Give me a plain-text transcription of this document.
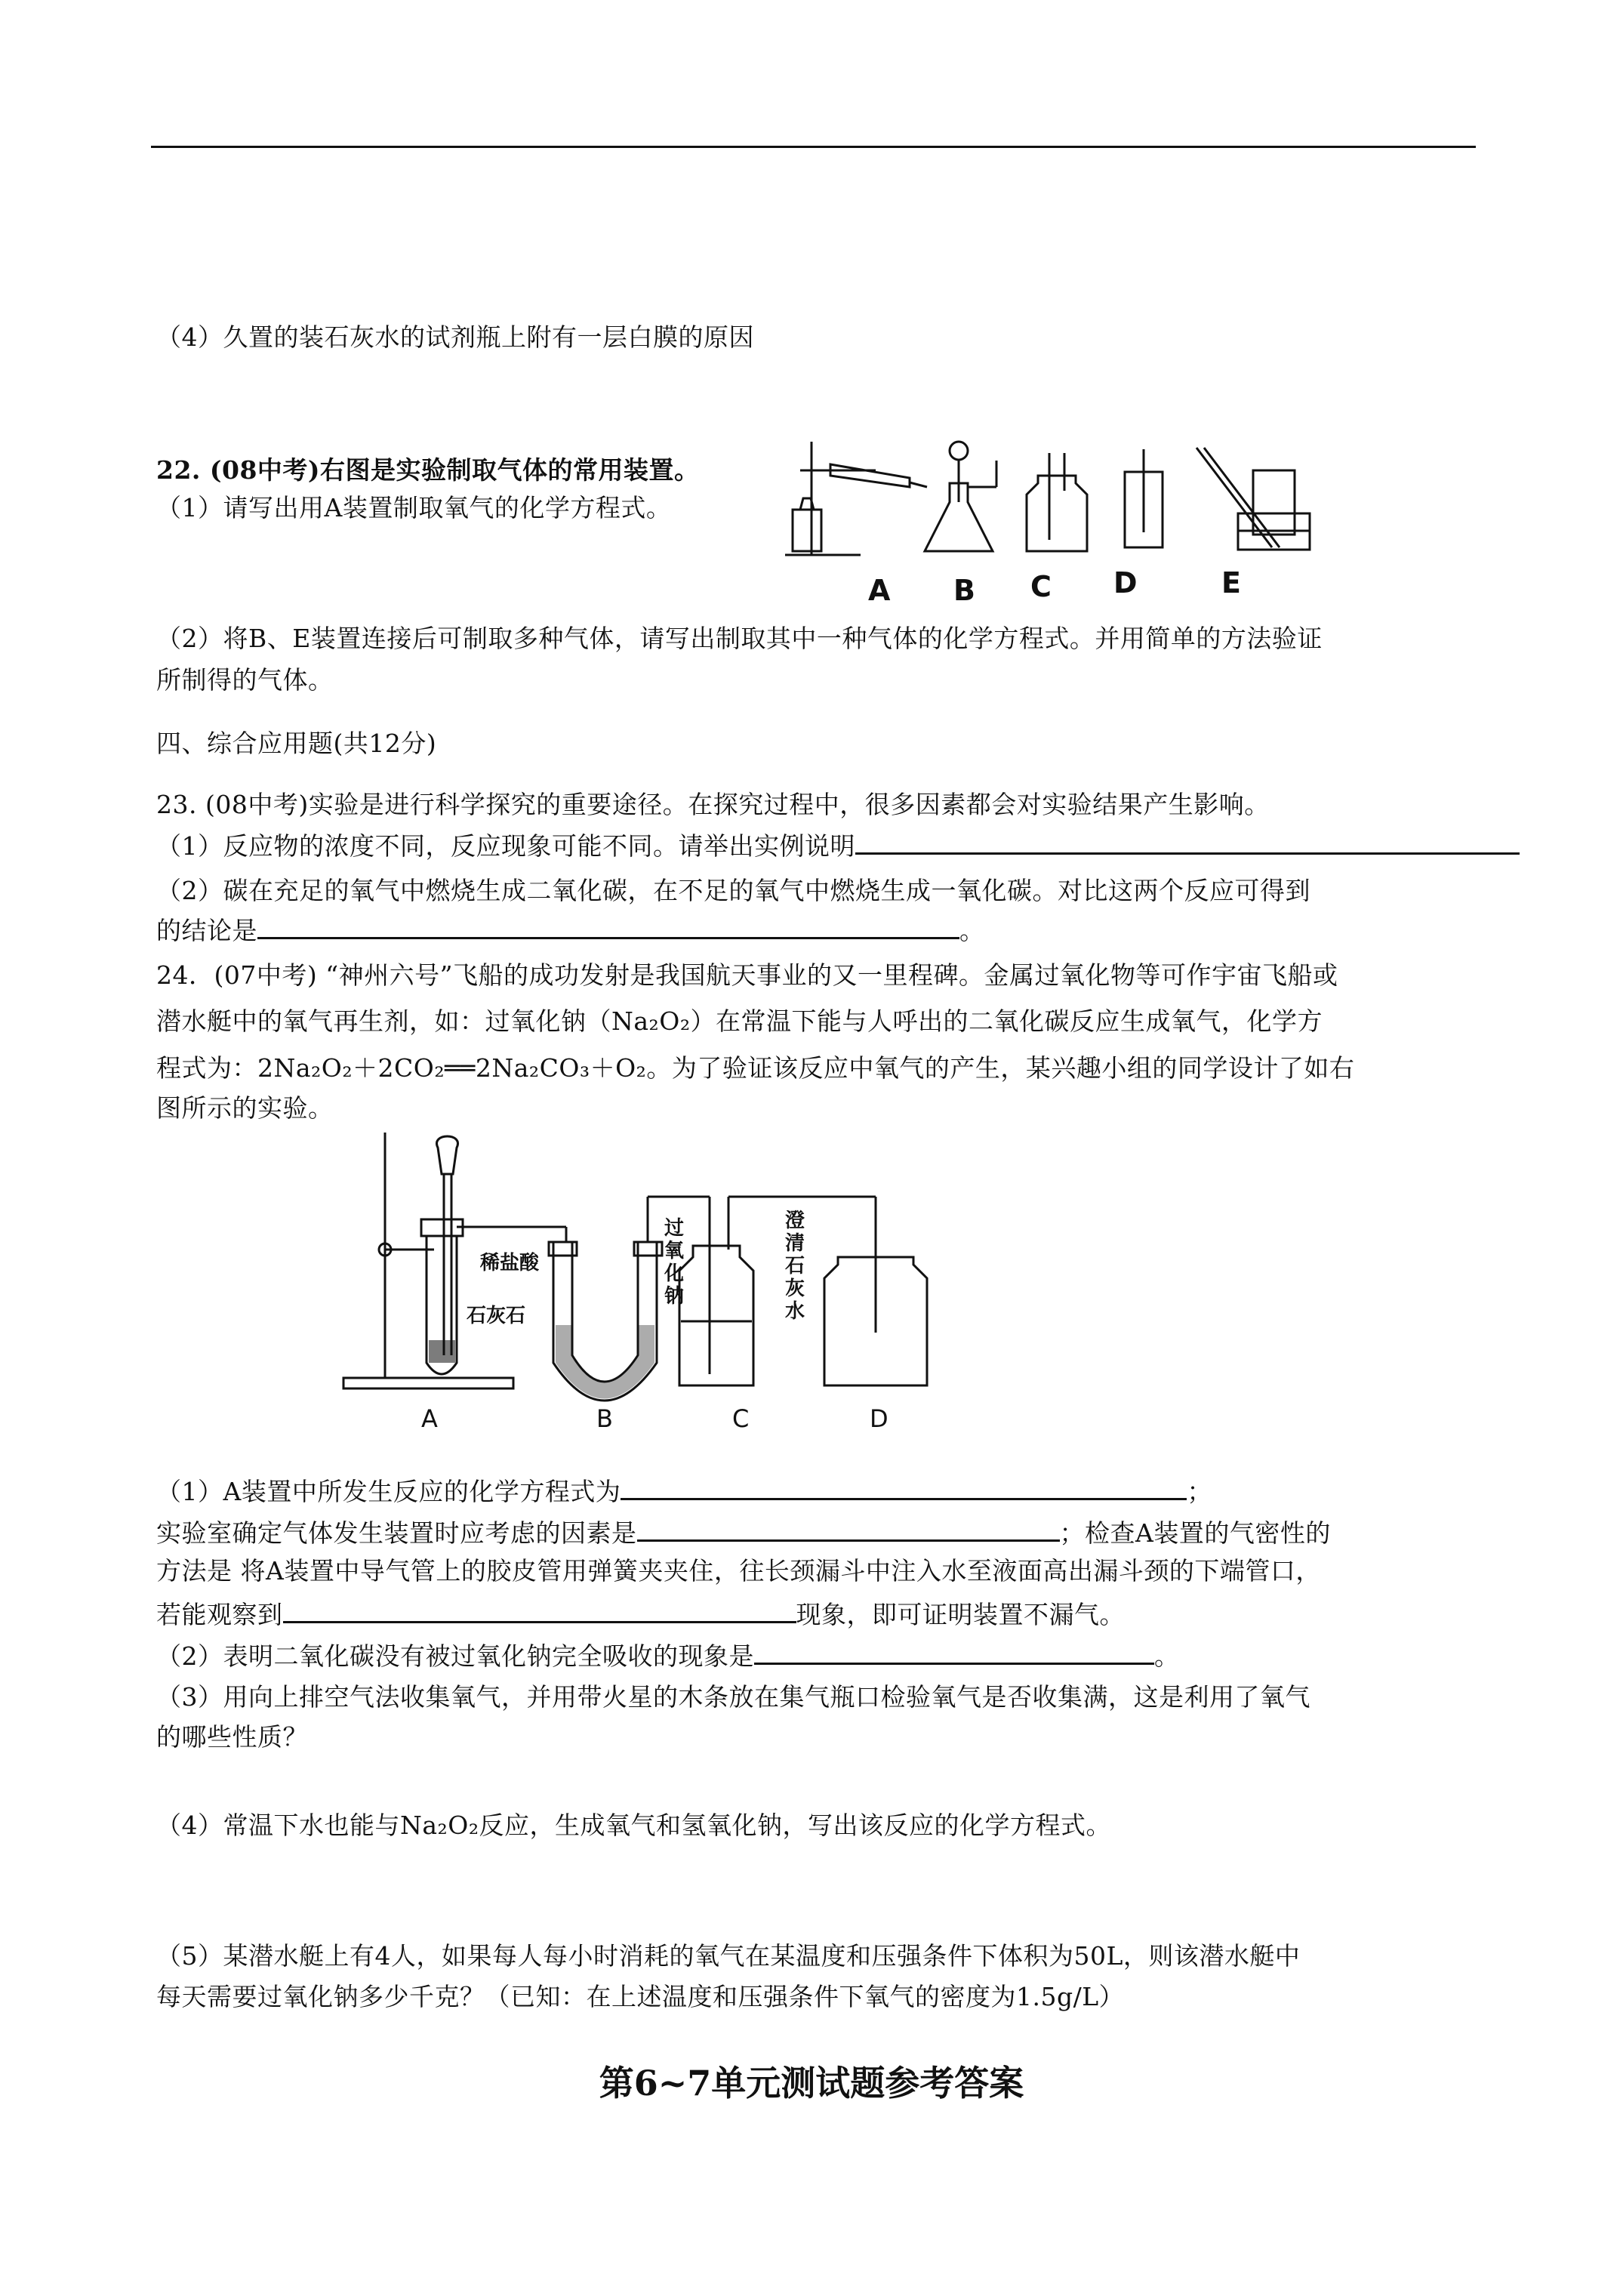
（4）久置的装石灰水的试剂瓶上附有一层白膜的原因
22. (08中考)右图是实验制取气体的常用装置。
（1）请写出用A装置制取氧气的化学方程式。
A B C D	E
（2）将B、E装置连接后可制取多种气体，请写出制取其中一种气体的化学方程式。并用简单的方法验证
所制得的气体。
四、综合应用题(共12分)
23. (08中考)实验是进行科学探究的重要途径。在探究过程中，很多因素都会对实验结果产生影响。
（1）反应物的浓度不同，反应现象可能不同。请举出实例说明
（2）碳在充足的氧气中燃烧生成二氧化碳，在不足的氧气中燃烧生成一氧化碳。对比这两个反应可得到
的结论是	。
24．(07中考) “神州六号”飞船的成功发射是我国航天事业的又一里程碑。金属过氧化物等可作宇宙飞船或
潜水艇中的氧气再生剂，如：过氧化钠（Na₂O₂）在常温下能与人呼出的二氧化碳反应生成氧气，化学方
程式为：2Na₂O₂＋2CO₂══2Na₂CO₃＋O₂。为了验证该反应中氧气的产生，某兴趣小组的同学设计了如右
图所示的实验。
稀盐酸
石灰石
过
氧
化
钠
澄
清
石
灰
水
A	B	C	D
（1）A装置中所发生反应的化学方程式为	；
实验室确定气体发生装置时应考虑的因素是	；检查A装置的气密性的
方法是 将A装置中导气管上的胶皮管用弹簧夹夹住，往长颈漏斗中注入水至液面高出漏斗颈的下端管口，
若能观察到	现象，即可证明装置不漏气。
（2）表明二氧化碳没有被过氧化钠完全吸收的现象是	。
（3）用向上排空气法收集氧气，并用带火星的木条放在集气瓶口检验氧气是否收集满，这是利用了氧气
的哪些性质？
（4）常温下水也能与Na₂O₂反应，生成氧气和氢氧化钠，写出该反应的化学方程式。
（5）某潜水艇上有4人，如果每人每小时消耗的氧气在某温度和压强条件下体积为50L，则该潜水艇中
每天需要过氧化钠多少千克？（已知：在上述温度和压强条件下氧气的密度为1.5g/L）
第6~7单元测试题参考答案
